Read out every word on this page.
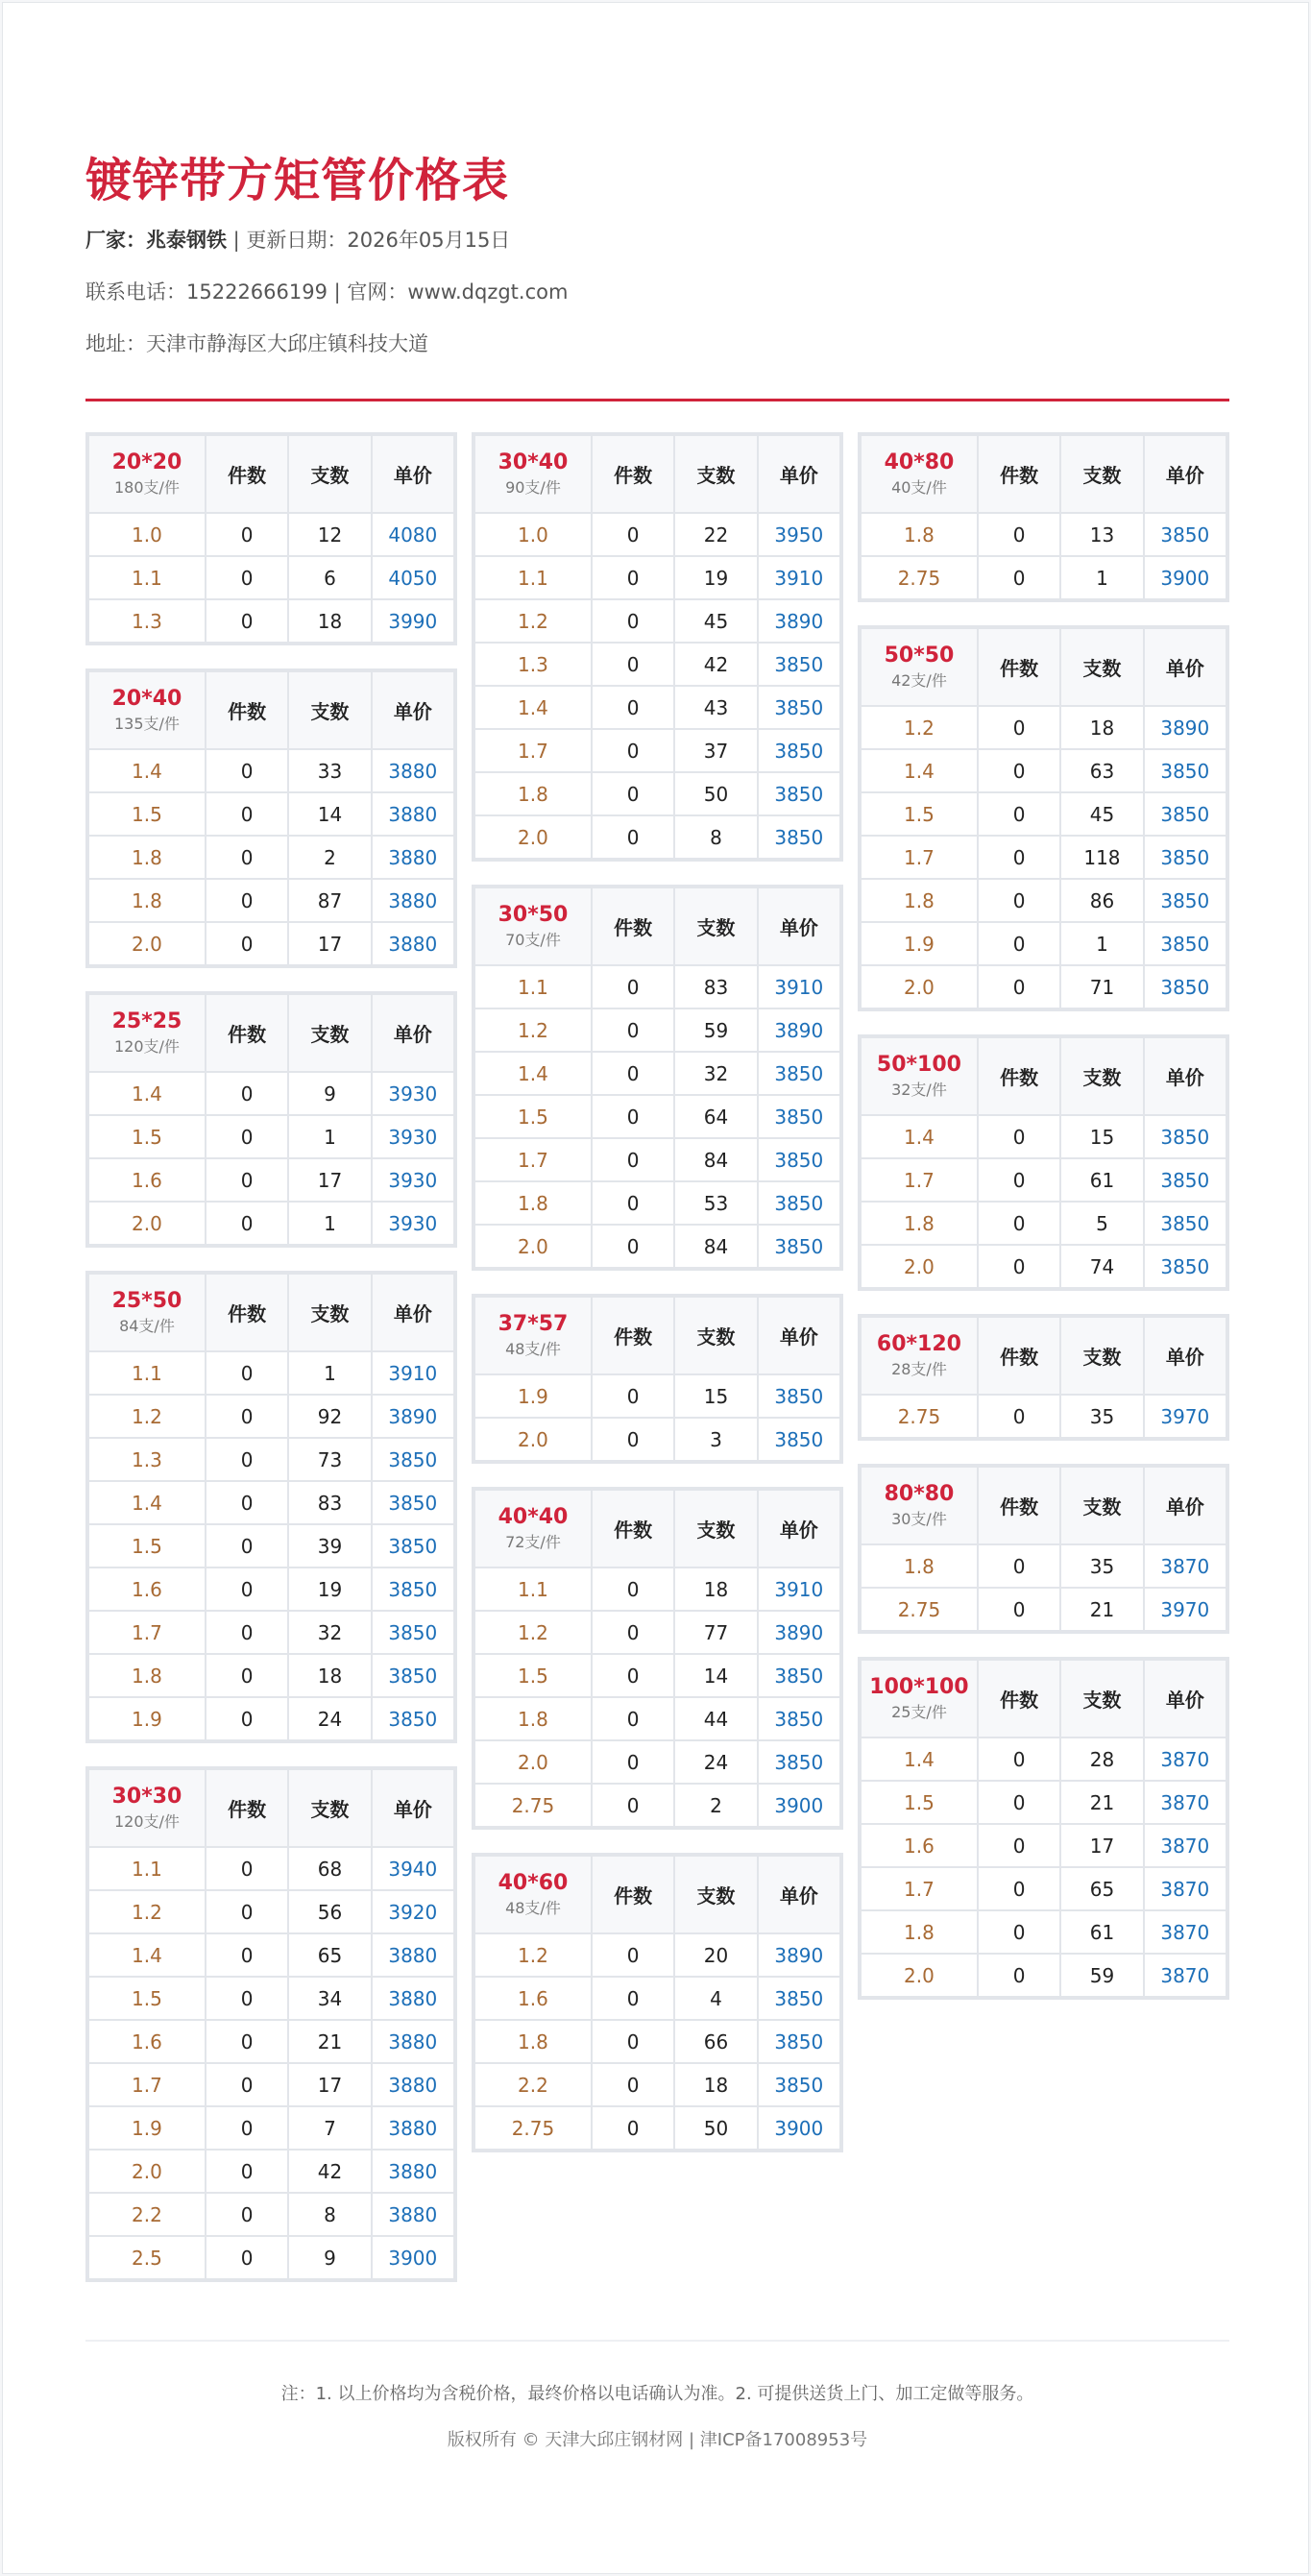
镀锌带方矩管价格表
厂家：兆泰钢铁 | 更新日期：2026年05月15日
联系电话：15222666199 | 官网：www.dqzgt.com
地址：天津市静海区大邱庄镇科技大道
20*20
180支/件	件数	支数	单价
1.0	0	12	4080
1.1	0	6	4050
1.3	0	18	3990
20*40
135支/件	件数	支数	单价
1.4	0	33	3880
1.5	0	14	3880
1.8	0	2	3880
1.8	0	87	3880
2.0	0	17	3880
25*25
120支/件	件数	支数	单价
1.4	0	9	3930
1.5	0	1	3930
1.6	0	17	3930
2.0	0	1	3930
25*50
84支/件	件数	支数	单价
1.1	0	1	3910
1.2	0	92	3890
1.3	0	73	3850
1.4	0	83	3850
1.5	0	39	3850
1.6	0	19	3850
1.7	0	32	3850
1.8	0	18	3850
1.9	0	24	3850
30*30
120支/件	件数	支数	单价
1.1	0	68	3940
1.2	0	56	3920
1.4	0	65	3880
1.5	0	34	3880
1.6	0	21	3880
1.7	0	17	3880
1.9	0	7	3880
2.0	0	42	3880
2.2	0	8	3880
2.5	0	9	3900
30*40
90支/件	件数	支数	单价
1.0	0	22	3950
1.1	0	19	3910
1.2	0	45	3890
1.3	0	42	3850
1.4	0	43	3850
1.7	0	37	3850
1.8	0	50	3850
2.0	0	8	3850
30*50
70支/件	件数	支数	单价
1.1	0	83	3910
1.2	0	59	3890
1.4	0	32	3850
1.5	0	64	3850
1.7	0	84	3850
1.8	0	53	3850
2.0	0	84	3850
37*57
48支/件	件数	支数	单价
1.9	0	15	3850
2.0	0	3	3850
40*40
72支/件	件数	支数	单价
1.1	0	18	3910
1.2	0	77	3890
1.5	0	14	3850
1.8	0	44	3850
2.0	0	24	3850
2.75	0	2	3900
40*60
48支/件	件数	支数	单价
1.2	0	20	3890
1.6	0	4	3850
1.8	0	66	3850
2.2	0	18	3850
2.75	0	50	3900
40*80
40支/件	件数	支数	单价
1.8	0	13	3850
2.75	0	1	3900
50*50
42支/件	件数	支数	单价
1.2	0	18	3890
1.4	0	63	3850
1.5	0	45	3850
1.7	0	118	3850
1.8	0	86	3850
1.9	0	1	3850
2.0	0	71	3850
50*100
32支/件	件数	支数	单价
1.4	0	15	3850
1.7	0	61	3850
1.8	0	5	3850
2.0	0	74	3850
60*120
28支/件	件数	支数	单价
2.75	0	35	3970
80*80
30支/件	件数	支数	单价
1.8	0	35	3870
2.75	0	21	3970
100*100
25支/件	件数	支数	单价
1.4	0	28	3870
1.5	0	21	3870
1.6	0	17	3870
1.7	0	65	3870
1.8	0	61	3870
2.0	0	59	3870
注：1. 以上价格均为含税价格，最终价格以电话确认为准。2. 可提供送货上门、加工定做等服务。
版权所有 © 天津大邱庄钢材网 | 津ICP备17008953号
